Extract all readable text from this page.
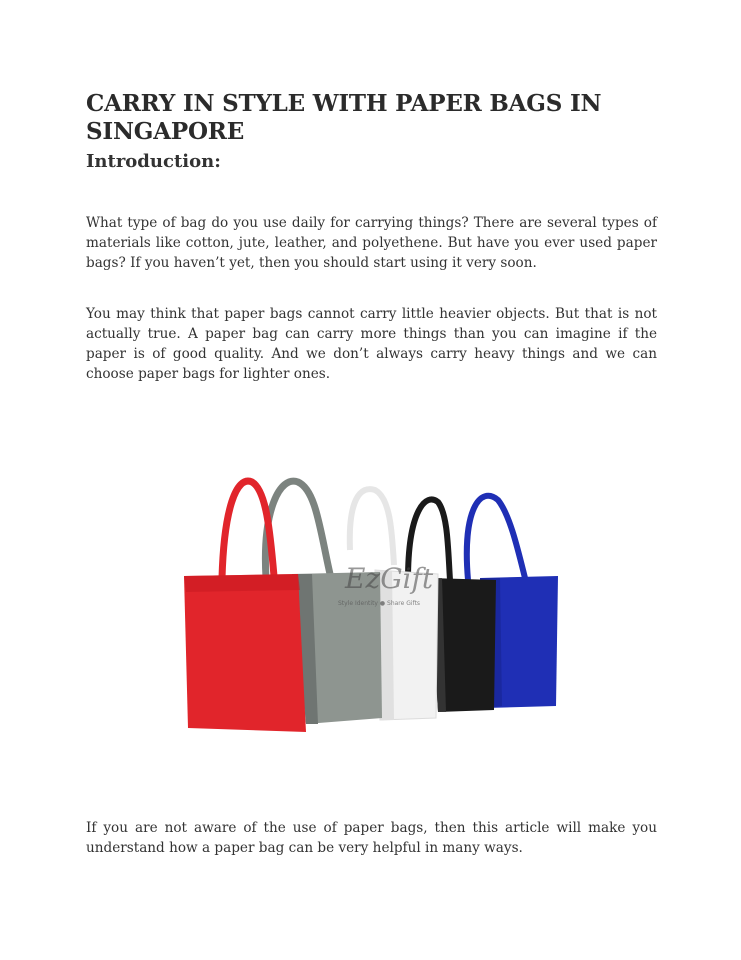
CARRY IN STYLE WITH PAPER BAGS IN SINGAPORE
Introduction:

What type of bag do you use daily for carrying things? There are several types of materials like cotton, jute, leather, and polyethene. But have you ever used paper bags? If you haven’t yet, then you should start using it very soon.

You may think that paper bags cannot carry little heavier objects. But that is not actually true. A paper bag can carry more things than you can imagine if the paper is of good quality. And we don’t always carry heavy things and we can choose paper bags for lighter ones.

EzGift
Style Identity ● Share Gifts

If you are not aware of the use of paper bags, then this article will make you understand how a paper bag can be very helpful in many ways.
